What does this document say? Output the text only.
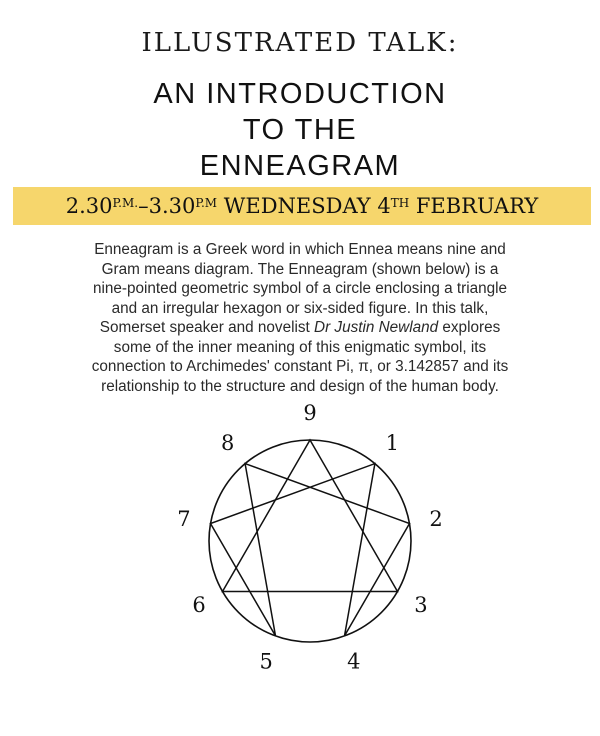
ILLUSTRATED TALK:
AN INTRODUCTION
TO THE
ENNEAGRAM
$2.30^{P.M.} - 3.30^{P.M}$
WEDNESDAY 4TH
FEBRUARY
Enneagram is a Greek word in which Ennea means nine and
Gram means diagram. The Enneagram (shown below) is a
nine-pointed geometric symbol of a circle enclosing a triangle
and an irregular hexagon or six-sided figure. In this talk,
Somerset speaker and novelist Dr Justin Newland explores
some of the inner meaning of this enigmatic symbol, its
connection to Archimedes' constant Pi, π, or 3.142857 and its
relationship to the structure and design of the human body.
9
1
2
3
4
5
6
7
8
